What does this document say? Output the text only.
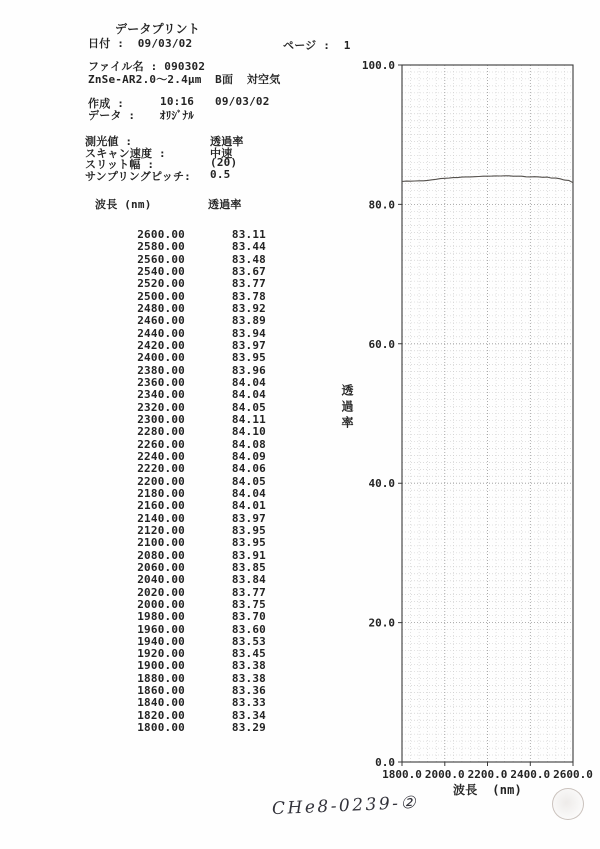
データプリント
日付 : 09/03/02	ページ : 1
ファイル名 : 090302
ZnSe-AR2.0～2.4μm  B面  対空気
作成 :	10:16 09/03/02
データ : ｵﾘｼﾞﾅﾙ
測光値 :	透過率
スキャン速度 :	中速
スリット幅 :	(20)
サンプリングピッチ: 0.5
波長 (nm)	透過率
2600.00	83.11
2580.00	83.44
2560.00	83.48
2540.00	83.67
2520.00	83.77
2500.00	83.78
2480.00	83.92
2460.00	83.89
2440.00	83.94
2420.00	83.97
2400.00	83.95
2380.00	83.96
2360.00	84.04
2340.00	84.04
2320.00	84.05
2300.00	84.11
2280.00	84.10
2260.00	84.08
2240.00	84.09
2220.00	84.06
2200.00	84.05
2180.00	84.04
2160.00	84.01
2140.00	83.97
2120.00	83.95
2100.00	83.95
2080.00	83.91
2060.00	83.85
2040.00	83.84
2020.00	83.77
2000.00	83.75
1980.00	83.70
1960.00	83.60
1940.00	83.53
1920.00	83.45
1900.00	83.38
1880.00	83.38
1860.00	83.36
1840.00	83.33
1820.00	83.34
1800.00	83.29
0.0
20.0
40.0
60.0
80.0
100.0
1800.0 2000.0 2200.0 2400.0 2600.0
透過率
波長  (nm)
CHe8-0239-②
